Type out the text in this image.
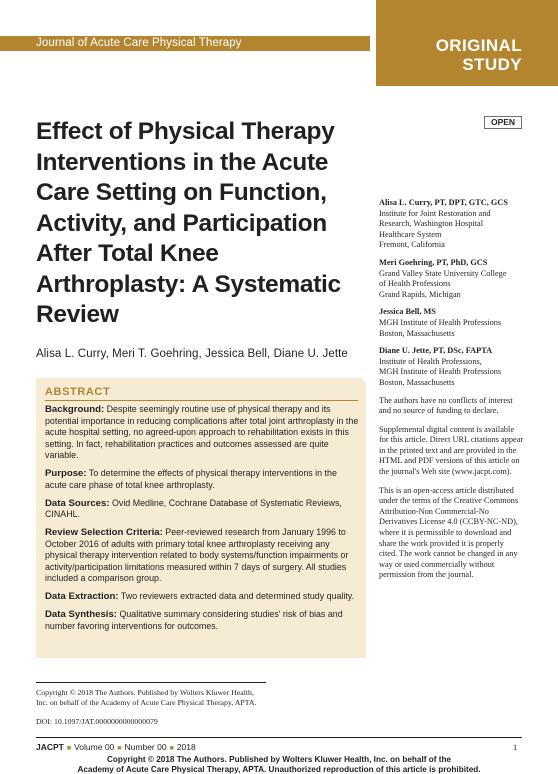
Journal of Acute Care Physical Therapy	ORIGINAL
STUDY
OPEN
Effect of Physical Therapy Interventions in the Acute Care Setting on Function, Activity, and Participation After Total Knee Arthroplasty: A Systematic Review
Alisa L. Curry, Meri T. Goehring, Jessica Bell, Diane U. Jette
ABSTRACT

Background: Despite seemingly routine use of physical therapy and its potential importance in reducing complications after total joint arthroplasty in the acute hospital setting, no agreed-upon approach to rehabilitation exists in this setting. In fact, rehabilitation practices and outcomes assessed are quite variable.

Purpose: To determine the effects of physical therapy interventions in the acute care phase of total knee arthroplasty.

Data Sources: Ovid Medline, Cochrane Database of Systematic Reviews, CINAHL.

Review Selection Criteria: Peer-reviewed research from January 1996 to October 2016 of adults with primary total knee arthroplasty receiving any physical therapy intervention related to body systems/function impairments or activity/participation limitations measured within 7 days of surgery. All studies included a comparison group.

Data Extraction: Two reviewers extracted data and determined study quality.

Data Synthesis: Qualitative summary considering studies' risk of bias and number favoring interventions for outcomes.

Alisa L. Curry, PT, DPT, GTC, GCS
Institute for Joint Restoration and
Research, Washington Hospital
Healthcare System
Fremont, California
Meri Goehring, PT, PhD, GCS
Grand Valley State University College
of Health Professions
Grand Rapids, Michigan
Jessica Bell, MS
MGH Institute of Health Professions
Boston, Massachusetts
Diane U. Jette, PT, DSc, FAPTA
Institute of Health Professions,
MGH Institute of Health Professions
Boston, Massachusetts

The authors have no conflicts of interest and no source of funding to declare.

Supplemental digital content is available for this article. Direct URL citations appear in the printed text and are provided in the HTML and PDF versions of this article on the journal's Web site (www.jacpt.com).

This is an open-access article distributed under the terms of the Creative Commons Attribution-Non Commercial-No Derivatives License 4.0 (CCBY-NC-ND), where it is permissible to download and share the work provided it is properly cited. The work cannot be changed in any way or used commercially without permission from the journal.

Copyright © 2018 The Authors. Published by Wolters Kluwer Health, Inc. on behalf of the Academy of Acute Care Physical Therapy, APTA.
DOI: 10.1097/JAT.0000000000000079
JACPT ■ Volume 00 ■ Number 00 ■ 2018	1
Copyright © 2018 The Authors. Published by Wolters Kluwer Health, Inc. on behalf of the
Academy of Acute Care Physical Therapy, APTA. Unauthorized reproduction of this article is prohibited.
